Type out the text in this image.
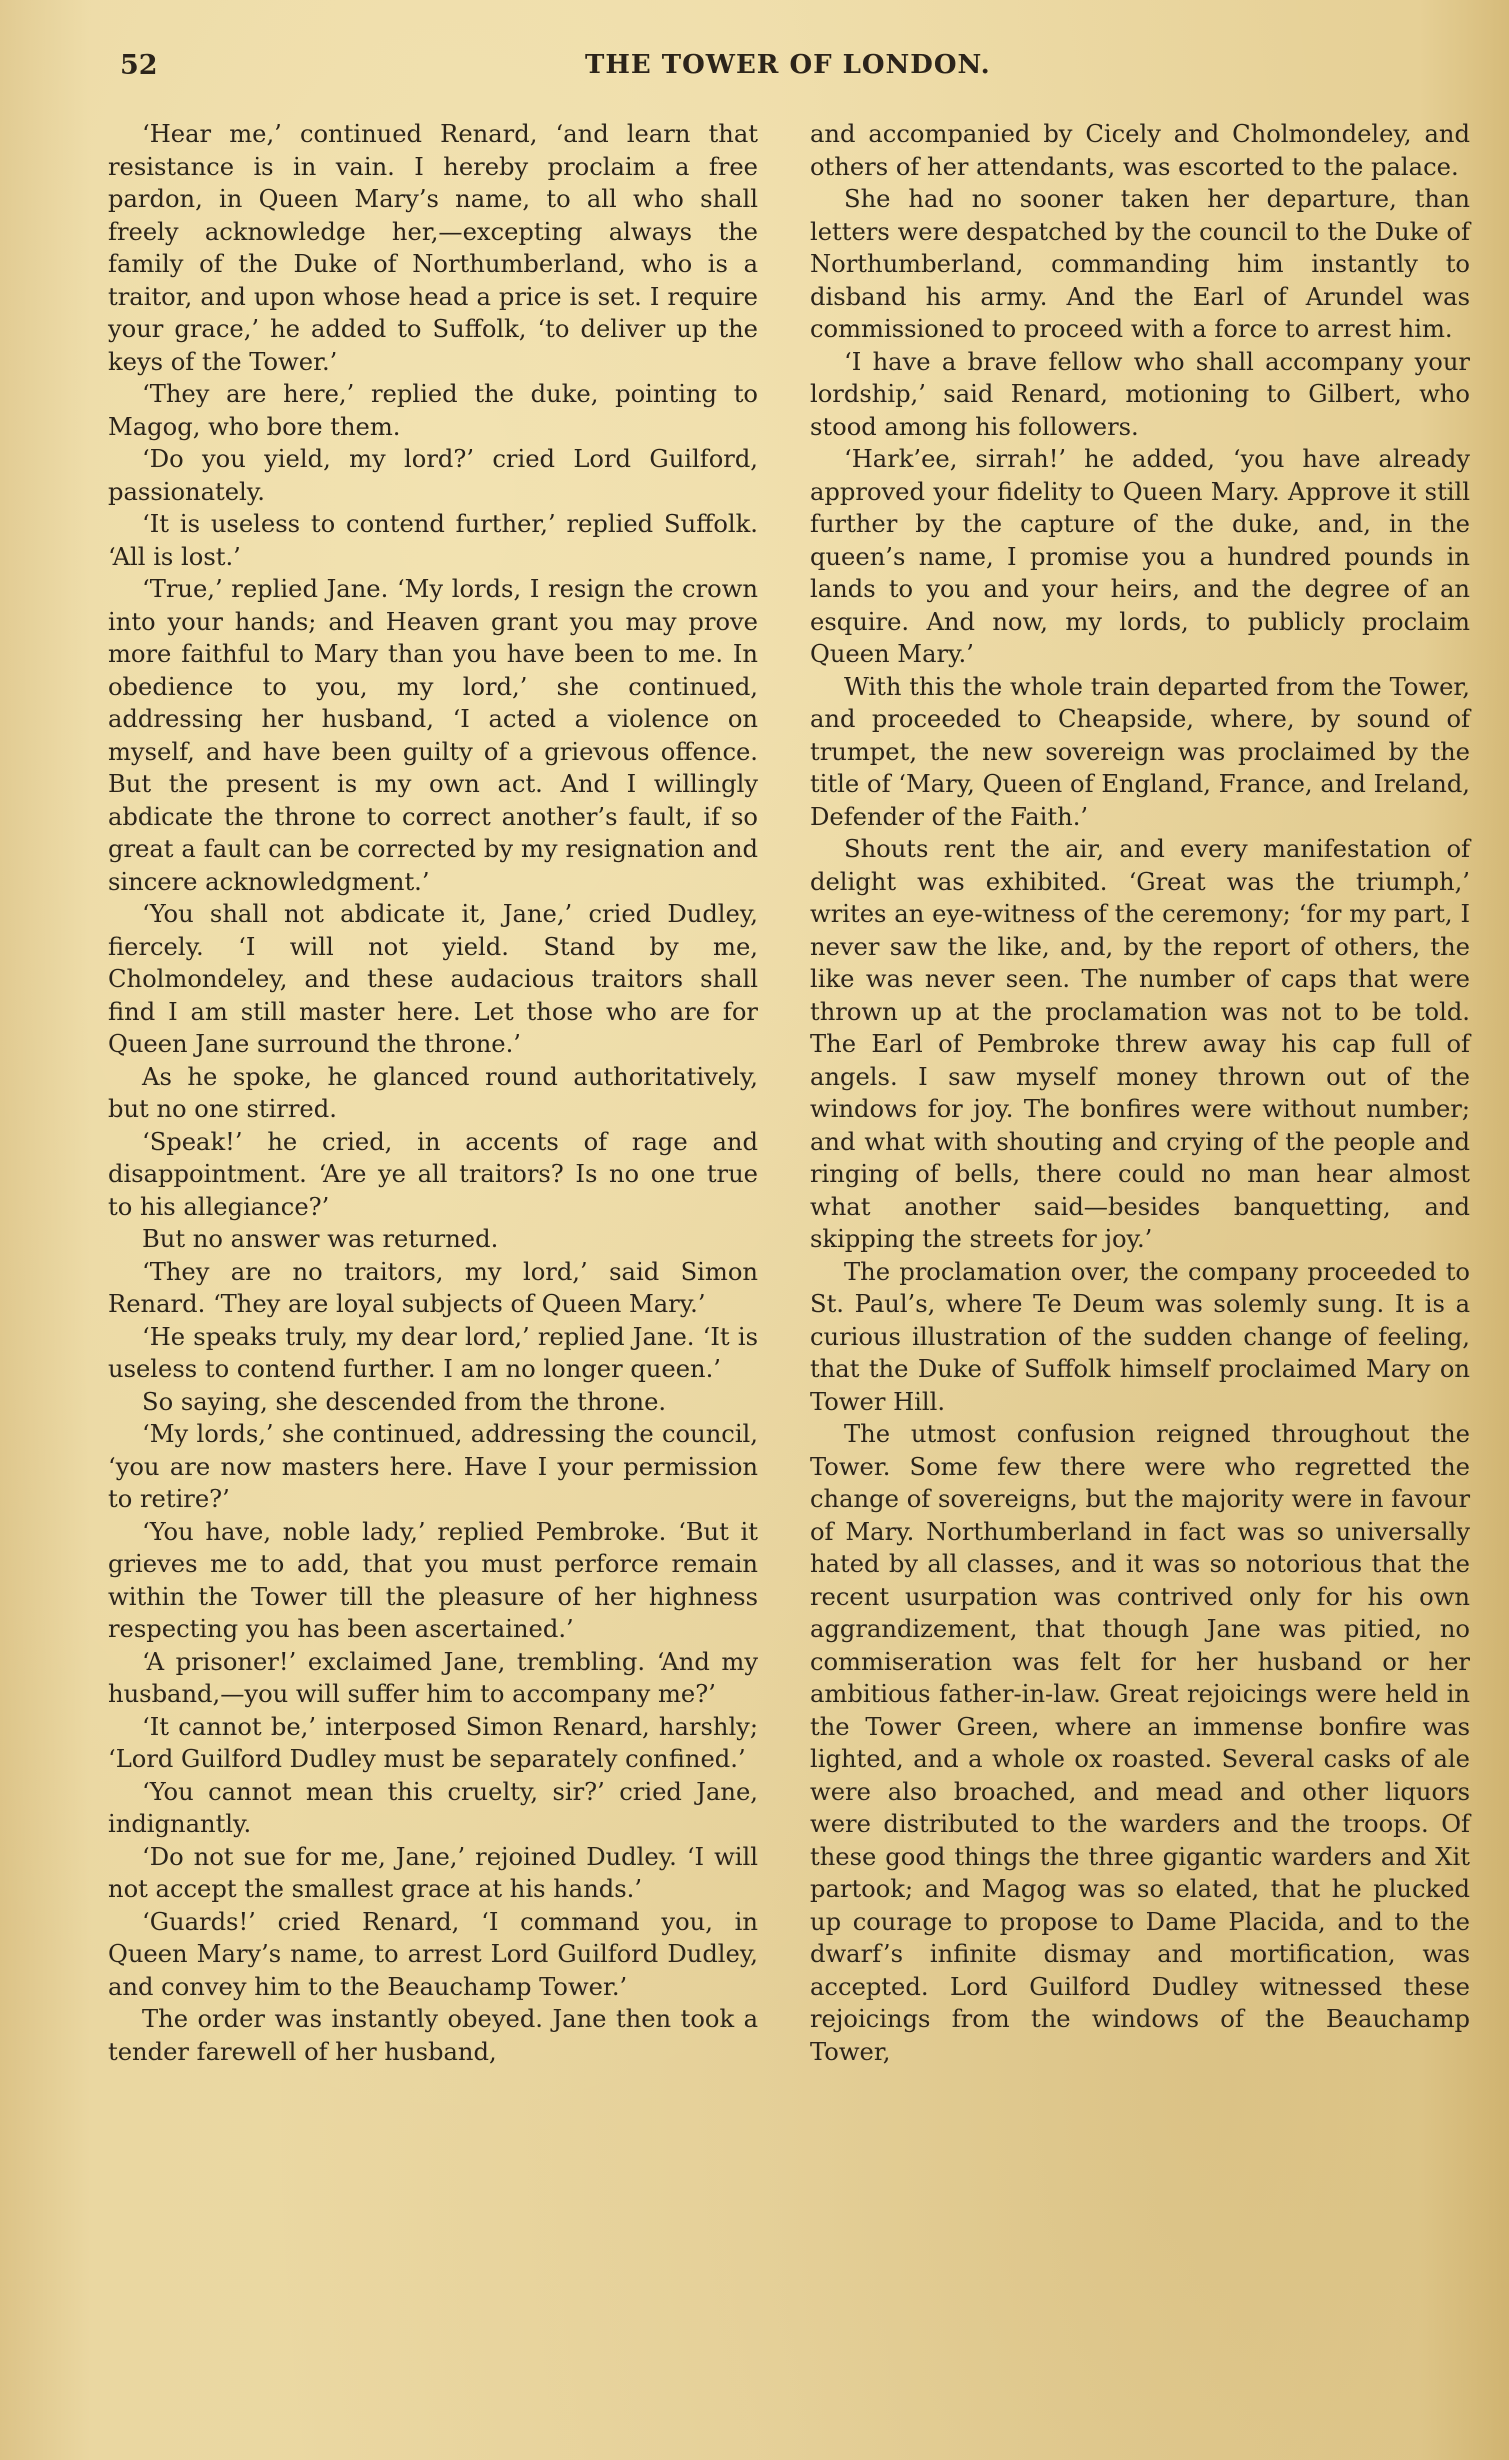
52	THE TOWER OF LONDON.

‘Hear me,’ continued Renard, ‘and learn that resistance is in vain. I hereby proclaim a free pardon, in Queen Mary’s name, to all who shall freely acknowledge her,—excepting always the family of the Duke of Northumberland, who is a traitor, and upon whose head a price is set. I require your grace,’ he added to Suffolk, ‘to deliver up the keys of the Tower.’

‘They are here,’ replied the duke, pointing to Magog, who bore them.

‘Do you yield, my lord?’ cried Lord Guilford, passionately.

‘It is useless to contend further,’ replied Suffolk. ‘All is lost.’

‘True,’ replied Jane. ‘My lords, I resign the crown into your hands; and Heaven grant you may prove more faithful to Mary than you have been to me. In obedience to you, my lord,’ she continued, addressing her husband, ‘I acted a violence on myself, and have been guilty of a grievous offence. But the present is my own act. And I willingly abdicate the throne to correct another’s fault, if so great a fault can be corrected by my resignation and sincere acknowledgment.’

‘You shall not abdicate it, Jane,’ cried Dudley, fiercely. ‘I will not yield. Stand by me, Cholmondeley, and these audacious traitors shall find I am still master here. Let those who are for Queen Jane surround the throne.’

As he spoke, he glanced round authoritatively, but no one stirred.

‘Speak!’ he cried, in accents of rage and disappointment. ‘Are ye all traitors? Is no one true to his allegiance?’

But no answer was returned.

‘They are no traitors, my lord,’ said Simon Renard. ‘They are loyal subjects of Queen Mary.’

‘He speaks truly, my dear lord,’ replied Jane. ‘It is useless to contend further. I am no longer queen.’

So saying, she descended from the throne.

‘My lords,’ she continued, addressing the council, ‘you are now masters here. Have I your permission to retire?’

‘You have, noble lady,’ replied Pembroke. ‘But it grieves me to add, that you must perforce remain within the Tower till the pleasure of her highness respecting you has been ascertained.’

‘A prisoner!’ exclaimed Jane, trembling. ‘And my husband,—you will suffer him to accompany me?’

‘It cannot be,’ interposed Simon Renard, harshly; ‘Lord Guilford Dudley must be separately confined.’

‘You cannot mean this cruelty, sir?’ cried Jane, indignantly.

‘Do not sue for me, Jane,’ rejoined Dudley. ‘I will not accept the smallest grace at his hands.’

‘Guards!’ cried Renard, ‘I command you, in Queen Mary’s name, to arrest Lord Guilford Dudley, and convey him to the Beauchamp Tower.’

The order was instantly obeyed. Jane then took a tender farewell of her husband,

and accompanied by Cicely and Cholmondeley, and others of her attendants, was escorted to the palace.

She had no sooner taken her departure, than letters were despatched by the council to the Duke of Northumberland, commanding him instantly to disband his army. And the Earl of Arundel was commissioned to proceed with a force to arrest him.

‘I have a brave fellow who shall accompany your lordship,’ said Renard, motioning to Gilbert, who stood among his followers.

‘Hark’ee, sirrah!’ he added, ‘you have already approved your fidelity to Queen Mary. Approve it still further by the capture of the duke, and, in the queen’s name, I promise you a hundred pounds in lands to you and your heirs, and the degree of an esquire. And now, my lords, to publicly proclaim Queen Mary.’

With this the whole train departed from the Tower, and proceeded to Cheapside, where, by sound of trumpet, the new sovereign was proclaimed by the title of ‘Mary, Queen of England, France, and Ireland, Defender of the Faith.’

Shouts rent the air, and every manifestation of delight was exhibited. ‘Great was the triumph,’ writes an eye-witness of the ceremony; ‘for my part, I never saw the like, and, by the report of others, the like was never seen. The number of caps that were thrown up at the proclamation was not to be told. The Earl of Pembroke threw away his cap full of angels. I saw myself money thrown out of the windows for joy. The bonfires were without number; and what with shouting and crying of the people and ringing of bells, there could no man hear almost what another said—besides banquetting, and skipping the streets for joy.’

The proclamation over, the company proceeded to St. Paul’s, where Te Deum was solemly sung. It is a curious illustration of the sudden change of feeling, that the Duke of Suffolk himself proclaimed Mary on Tower Hill.

The utmost confusion reigned throughout the Tower. Some few there were who regretted the change of sovereigns, but the majority were in favour of Mary. Northumberland in fact was so universally hated by all classes, and it was so notorious that the recent usurpation was contrived only for his own aggrandizement, that though Jane was pitied, no commiseration was felt for her husband or her ambitious father-in-law. Great rejoicings were held in the Tower Green, where an immense bonfire was lighted, and a whole ox roasted. Several casks of ale were also broached, and mead and other liquors were distributed to the warders and the troops. Of these good things the three gigantic warders and Xit partook; and Magog was so elated, that he plucked up courage to propose to Dame Placida, and to the dwarf’s infinite dismay and mortification, was accepted. Lord Guilford Dudley witnessed these rejoicings from the windows of the Beauchamp Tower,
